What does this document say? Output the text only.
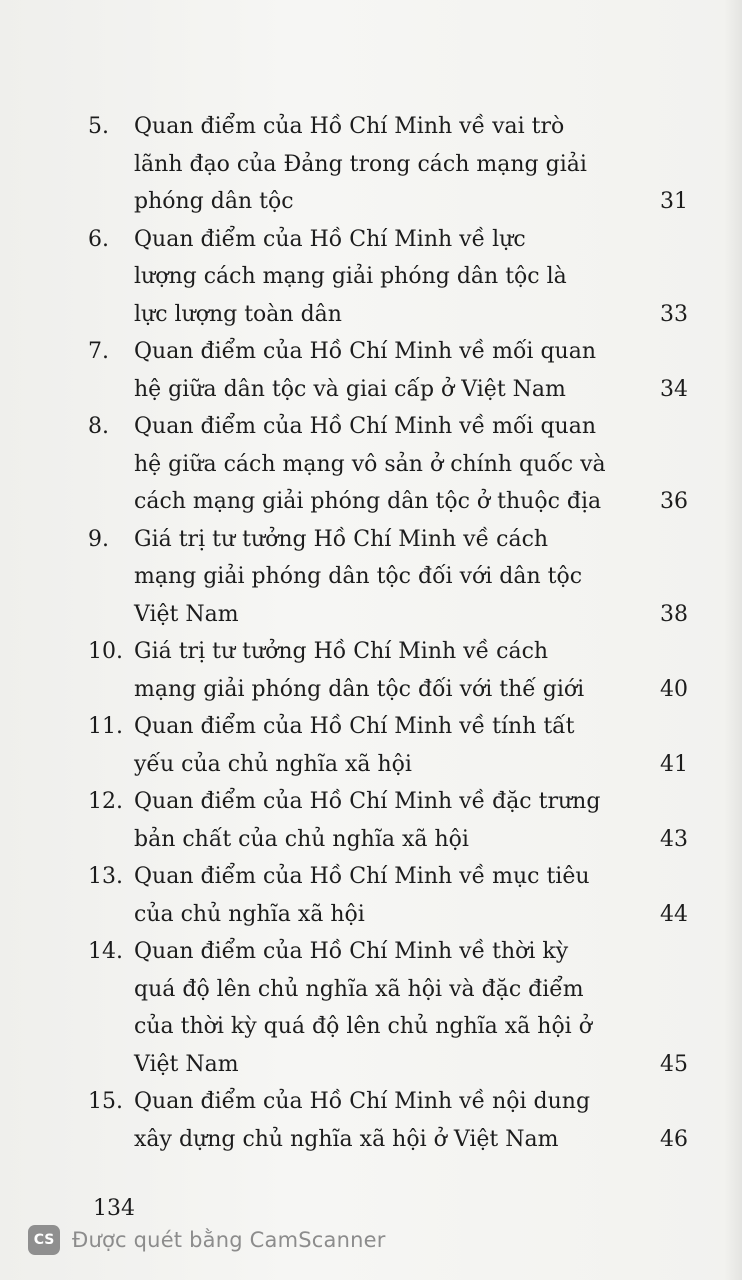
5.	Quan điểm của Hồ Chí Minh về vai trò
lãnh đạo của Đảng trong cách mạng giải
phóng dân tộc	31
6.	Quan điểm của Hồ Chí Minh về lực
lượng cách mạng giải phóng dân tộc là
lực lượng toàn dân	33
7.	Quan điểm của Hồ Chí Minh về mối quan
hệ giữa dân tộc và giai cấp ở Việt Nam	34
8.	Quan điểm của Hồ Chí Minh về mối quan
hệ giữa cách mạng vô sản ở chính quốc và
cách mạng giải phóng dân tộc ở thuộc địa	36
9.	Giá trị tư tưởng Hồ Chí Minh về cách
mạng giải phóng dân tộc đối với dân tộc
Việt Nam	38
10. Giá trị tư tưởng Hồ Chí Minh về cách
mạng giải phóng dân tộc đối với thế giới	40
11. Quan điểm của Hồ Chí Minh về tính tất
yếu của chủ nghĩa xã hội	41
12. Quan điểm của Hồ Chí Minh về đặc trưng
bản chất của chủ nghĩa xã hội	43
13. Quan điểm của Hồ Chí Minh về mục tiêu
của chủ nghĩa xã hội	44
14. Quan điểm của Hồ Chí Minh về thời kỳ
quá độ lên chủ nghĩa xã hội và đặc điểm
của thời kỳ quá độ lên chủ nghĩa xã hội ở
Việt Nam	45
15. Quan điểm của Hồ Chí Minh về nội dung
xây dựng chủ nghĩa xã hội ở Việt Nam	46
134
CS Được quét bằng CamScanner
